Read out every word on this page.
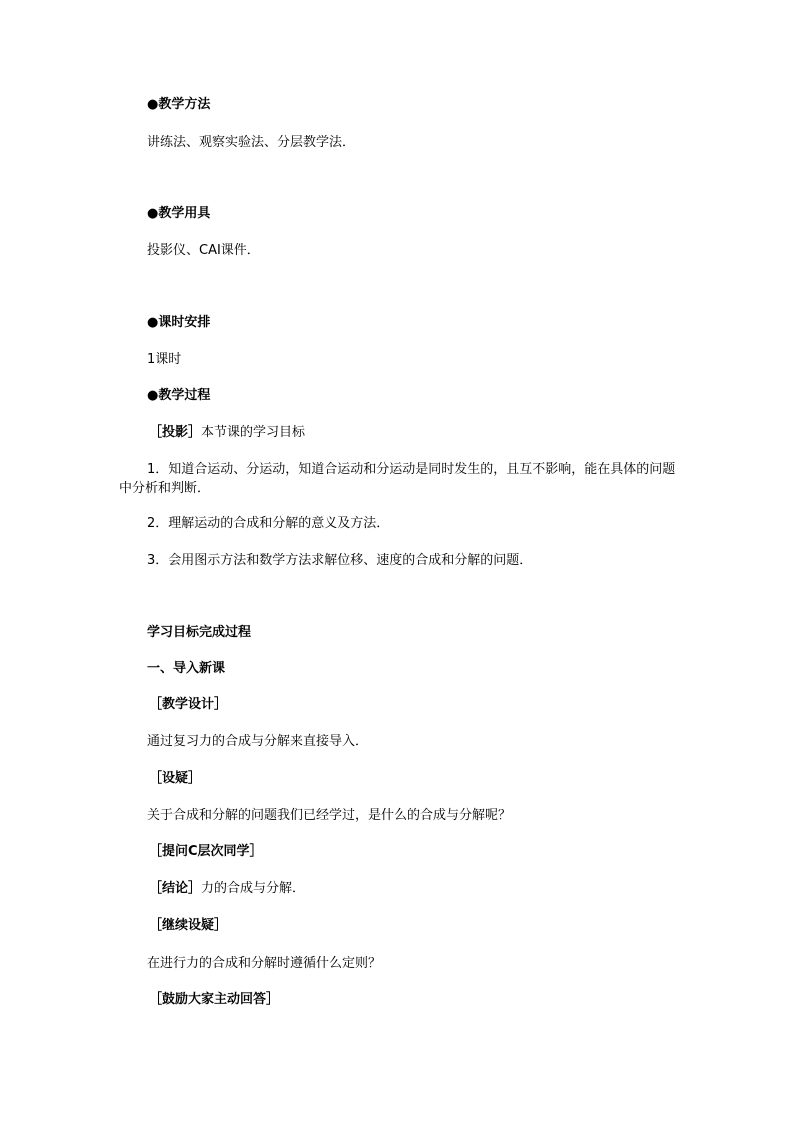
●教学方法
讲练法、观察实验法、分层教学法．
●教学用具
投影仪、CAI课件．
●课时安排
1课时
●教学过程
［投影］本节课的学习目标
1．知道合运动、分运动，知道合运动和分运动是同时发生的，且互不影响，能在具体的问题中分析和判断．
2．理解运动的合成和分解的意义及方法．
3．会用图示方法和数学方法求解位移、速度的合成和分解的问题．
学习目标完成过程
一、导入新课
［教学设计］
通过复习力的合成与分解来直接导入．
［设疑］
关于合成和分解的问题我们已经学过，是什么的合成与分解呢？
［提问C层次同学］
［结论］力的合成与分解．
［继续设疑］
在进行力的合成和分解时遵循什么定则？
［鼓励大家主动回答］
